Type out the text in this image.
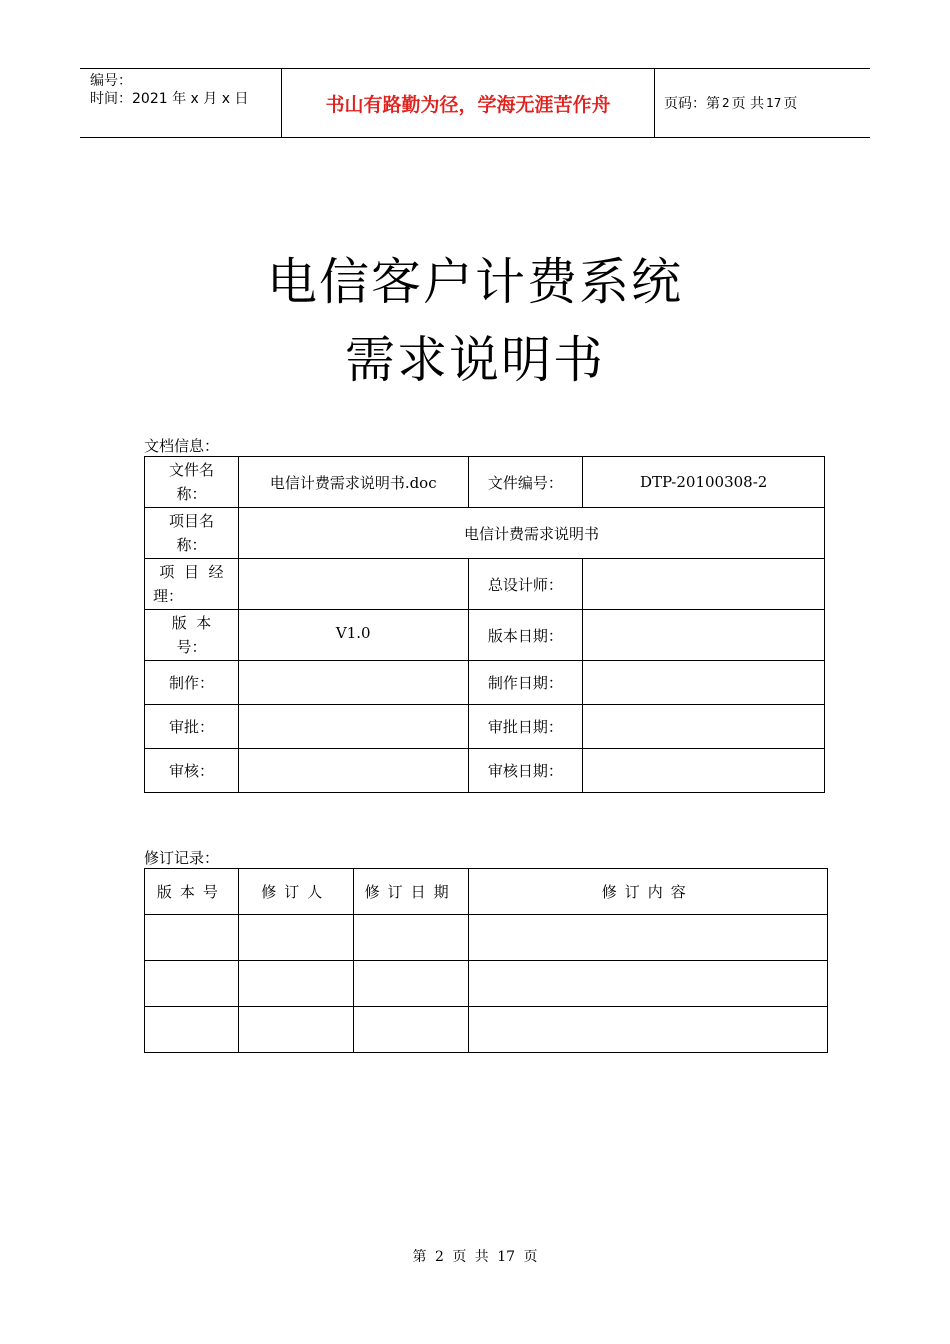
编号：
时间：2021 年 x 月 x 日	书山有路勤为径，学海无涯苦作舟	页码：第 2 页 共 17 页
电信客户计费系统
需求说明书
文档信息：
文件名
称：	电信计费需求说明书.doc	文件编号：	DTP-20100308-2

项目名
称：	电信计费需求说明书		

项  目  经
理：		总设计师：	

版  本
号：	V1.0	版本日期：	
制作：		制作日期：	
审批：		审批日期：	
审核：		审核日期：	
修订记录：
版本号	修订人	修订日期	修订内容

第 2 页 共 17 页
